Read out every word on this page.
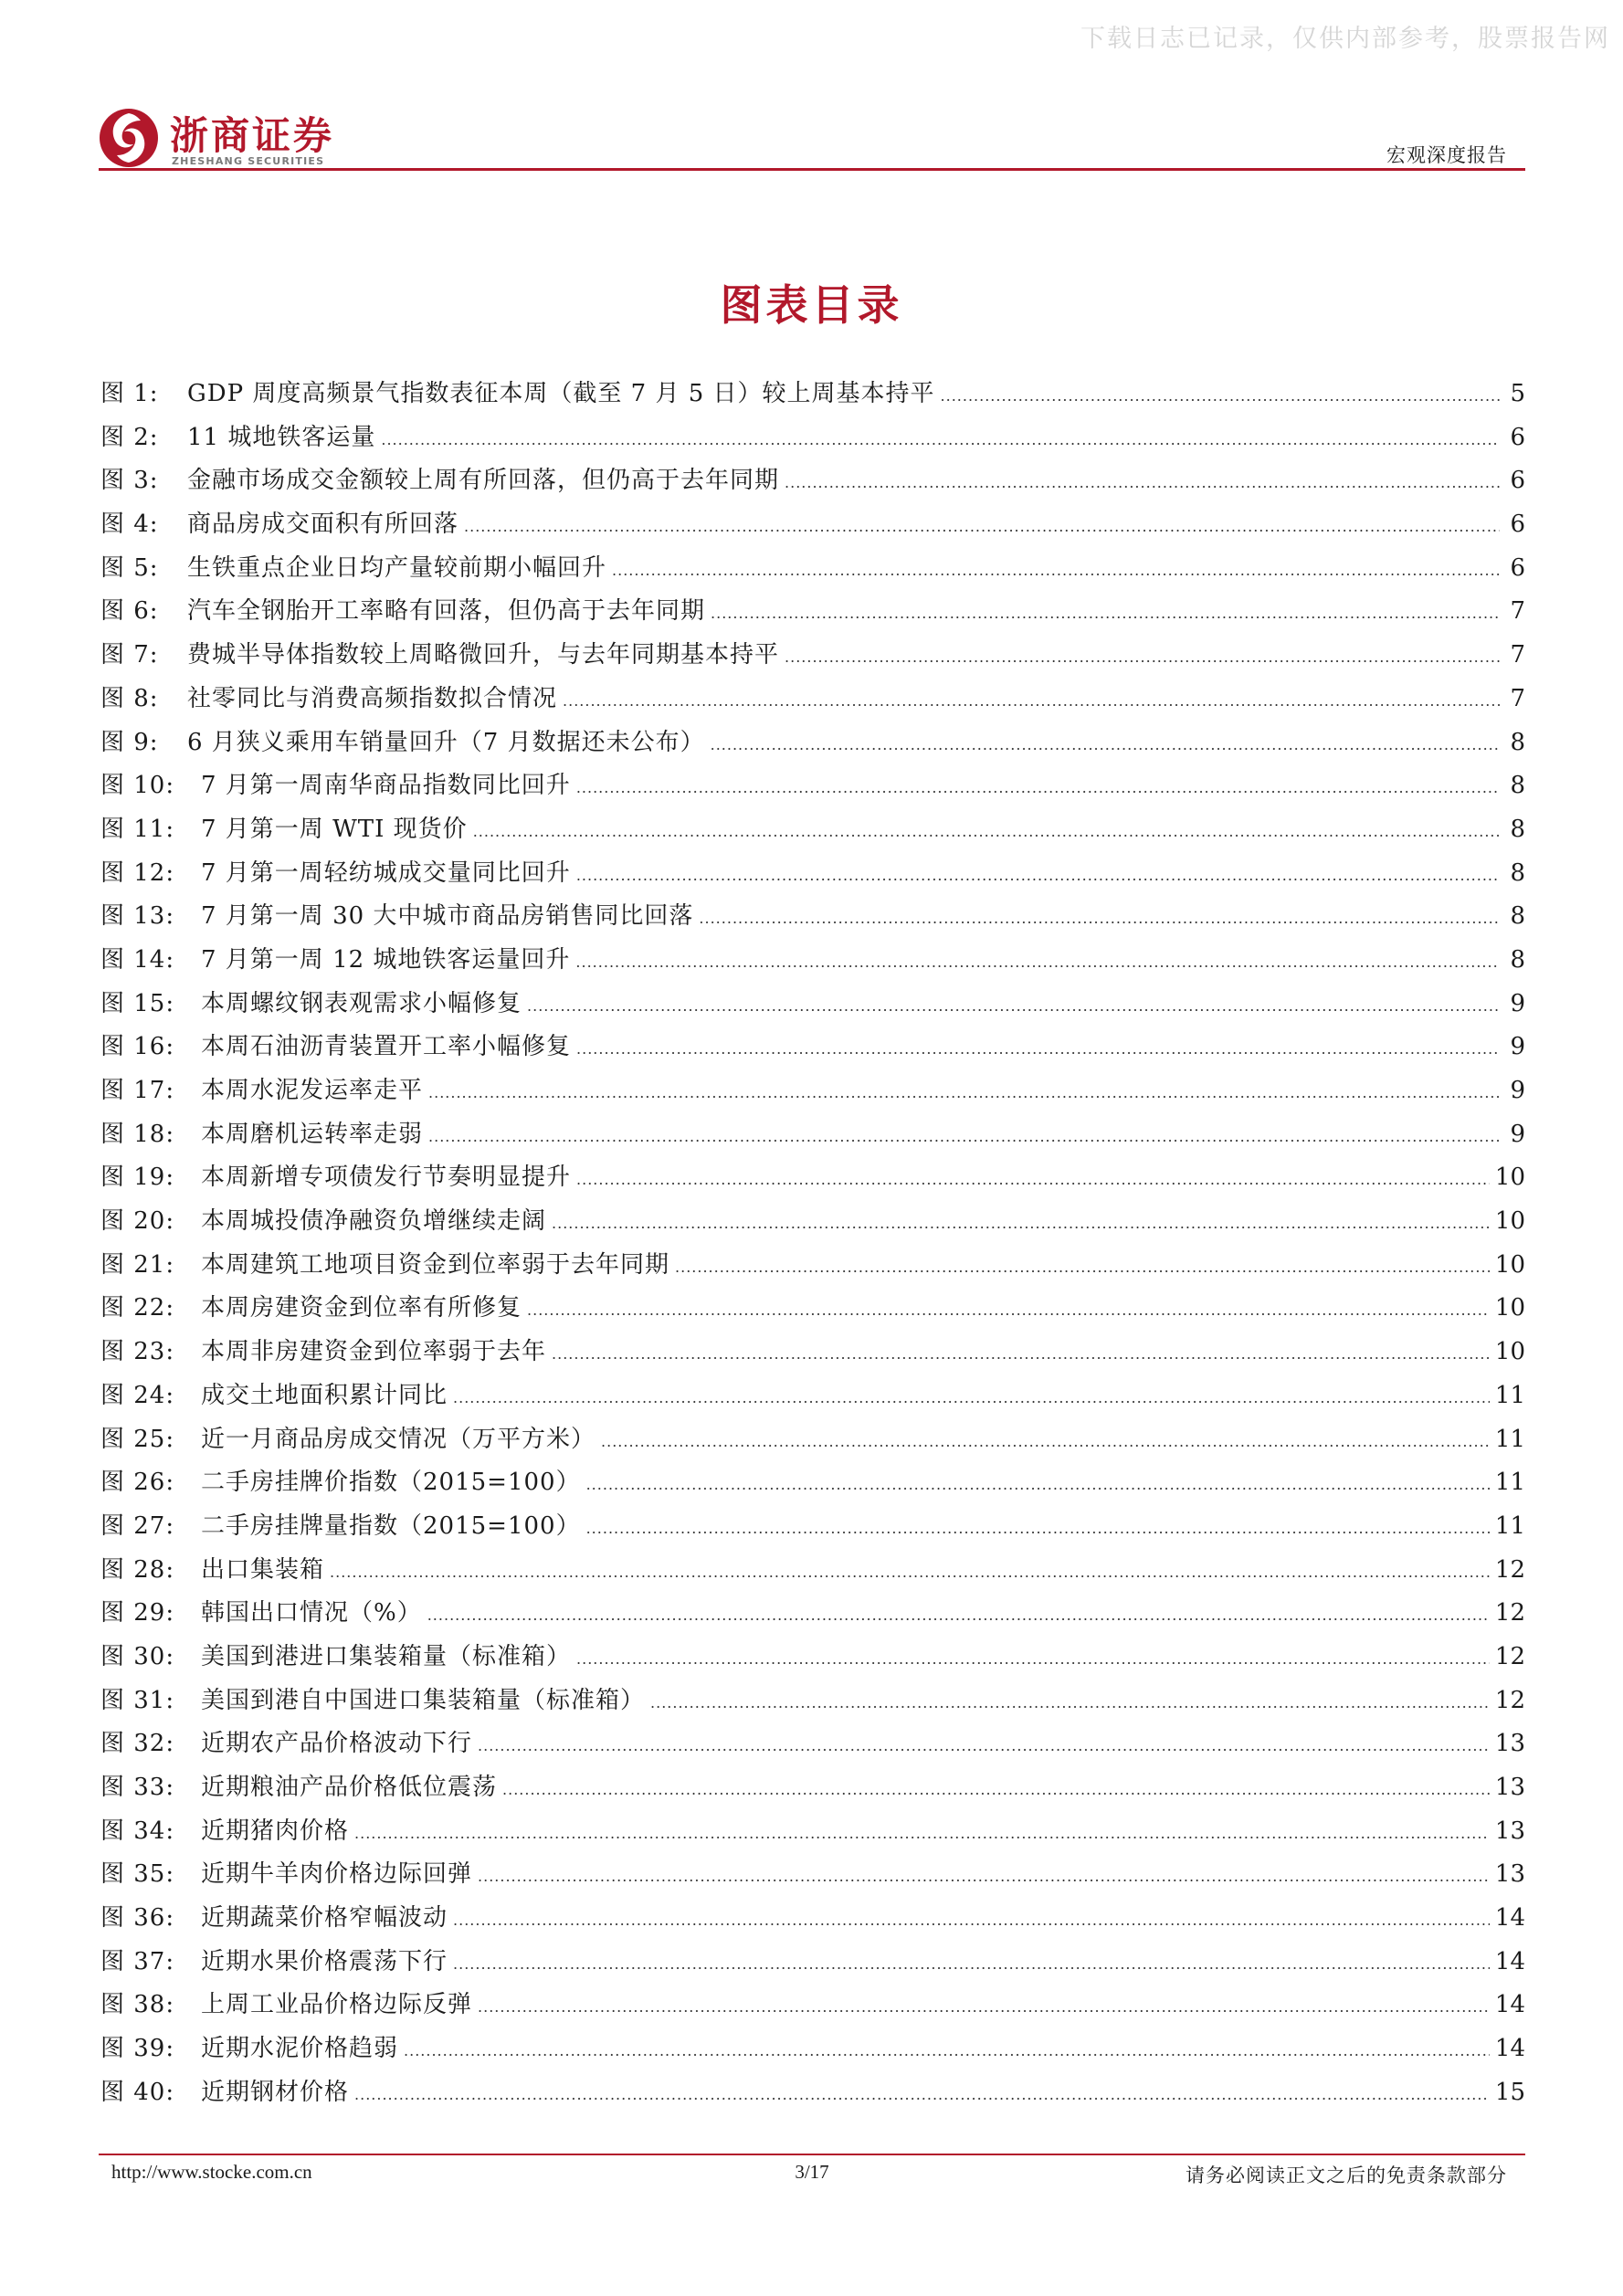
下载日志已记录，仅供内部参考，股票报告网
浙商证券
ZHESHANG SECURITIES	宏观深度报告
图表目录
图 1:	GDP 周度高频景气指数表征本周（截至 7 月 5 日）较上周基本持平 .....	5
图 2:	11 城地铁客运量 .....	6
图 3:	金融市场成交金额较上周有所回落，但仍高于去年同期 .....	6
图 4:	商品房成交面积有所回落 .....	6
图 5:	生铁重点企业日均产量较前期小幅回升 .....	6
图 6:	汽车全钢胎开工率略有回落，但仍高于去年同期 .....	7
图 7:	费城半导体指数较上周略微回升，与去年同期基本持平 .....	7
图 8:	社零同比与消费高频指数拟合情况 .....	7
图 9:	6 月狭义乘用车销量回升（7 月数据还未公布） .....	8
图 10:	7 月第一周南华商品指数同比回升 .....	8
图 11:	7 月第一周 WTI 现货价 .....	8
图 12:	7 月第一周轻纺城成交量同比回升 .....	8
图 13:	7 月第一周 30 大中城市商品房销售同比回落 .....	8
图 14:	7 月第一周 12 城地铁客运量回升 .....	8
图 15:	本周螺纹钢表观需求小幅修复 .....	9
图 16:	本周石油沥青装置开工率小幅修复 .....	9
图 17:	本周水泥发运率走平 .....	9
图 18:	本周磨机运转率走弱 .....	9
图 19:	本周新增专项债发行节奏明显提升 .....	10
图 20:	本周城投债净融资负增继续走阔 .....	10
图 21:	本周建筑工地项目资金到位率弱于去年同期 .....	10
图 22:	本周房建资金到位率有所修复 .....	10
图 23:	本周非房建资金到位率弱于去年 .....	10
图 24:	成交土地面积累计同比 .....	11
图 25:	近一月商品房成交情况（万平方米） .....	11
图 26:	二手房挂牌价指数（2015=100） .....	11
图 27:	二手房挂牌量指数（2015=100） .....	11
图 28:	出口集装箱 .....	12
图 29:	韩国出口情况（%） .....	12
图 30:	美国到港进口集装箱量（标准箱） .....	12
图 31:	美国到港自中国进口集装箱量（标准箱） .....	12
图 32:	近期农产品价格波动下行 .....	13
图 33:	近期粮油产品价格低位震荡 .....	13
图 34:	近期猪肉价格 .....	13
图 35:	近期牛羊肉价格边际回弹 .....	13
图 36:	近期蔬菜价格窄幅波动 .....	14
图 37:	近期水果价格震荡下行 .....	14
图 38:	上周工业品价格边际反弹 .....	14
图 39:	近期水泥价格趋弱 .....	14
图 40:	近期钢材价格 .....	15
http://www.stocke.com.cn	3/17	请务必阅读正文之后的免责条款部分
